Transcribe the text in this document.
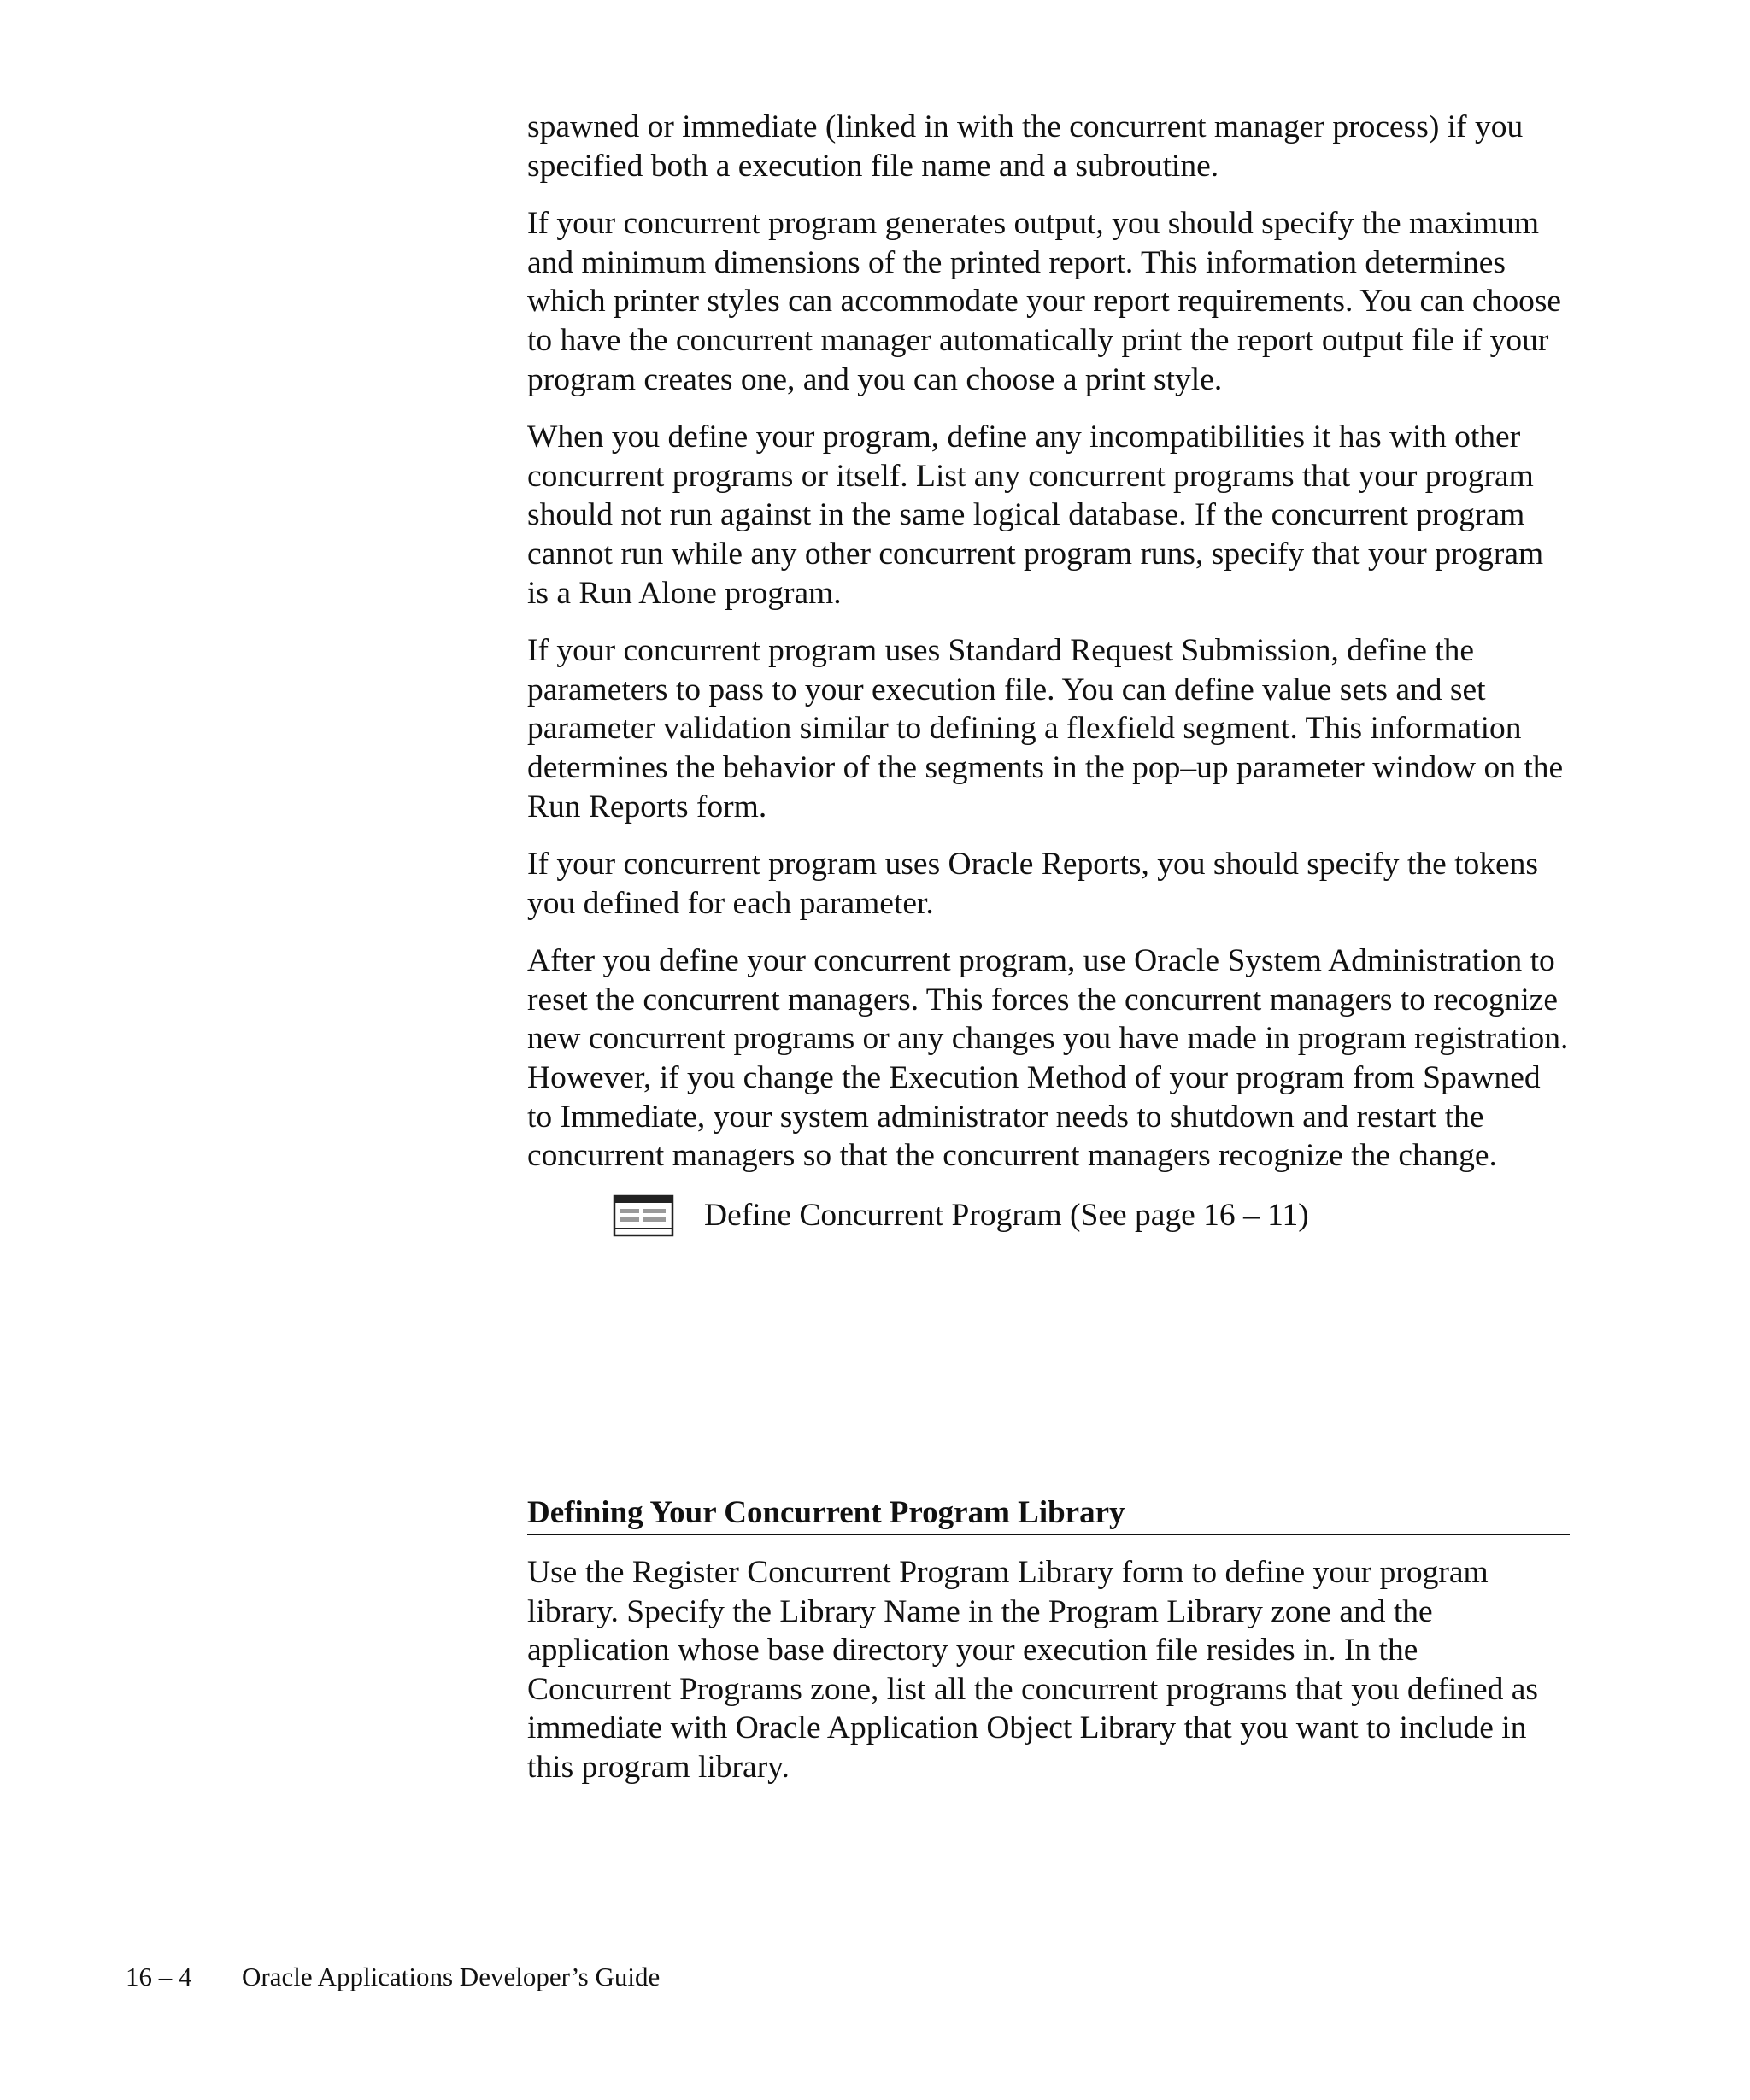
spawned or immediate (linked in with the concurrent manager process) if you specified both a execution file name and a subroutine.

If your concurrent program generates output, you should specify the maximum and minimum dimensions of the printed report. This information determines which printer styles can accommodate your report requirements. You can choose to have the concurrent manager automatically print the report output file if your program creates one, and you can choose a print style.

When you define your program, define any incompatibilities it has with other concurrent programs or itself. List any concurrent programs that your program should not run against in the same logical database. If the concurrent program cannot run while any other concurrent program runs, specify that your program is a Run Alone program.

If your concurrent program uses Standard Request Submission, define the parameters to pass to your execution file. You can define value sets and set parameter validation similar to defining a flexfield segment. This information determines the behavior of the segments in the pop–up parameter window on the Run Reports form.

If your concurrent program uses Oracle Reports, you should specify the tokens you defined for each parameter.

After you define your concurrent program, use Oracle System Administration to reset the concurrent managers. This forces the concurrent managers to recognize new concurrent programs or any changes you have made in program registration. However, if you change the Execution Method of your program from Spawned to Immediate, your system administrator needs to shutdown and restart the concurrent managers so that the concurrent managers recognize the change.

Define Concurrent Program (See page 16 – 11)
Defining Your Concurrent Program Library

Use the Register Concurrent Program Library form to define your program library. Specify the Library Name in the Program Library zone and the application whose base directory your execution file resides in. In the Concurrent Programs zone, list all the concurrent programs that you defined as immediate with Oracle Application Object Library that you want to include in this program library.

16 – 4 Oracle Applications Developer’s Guide
